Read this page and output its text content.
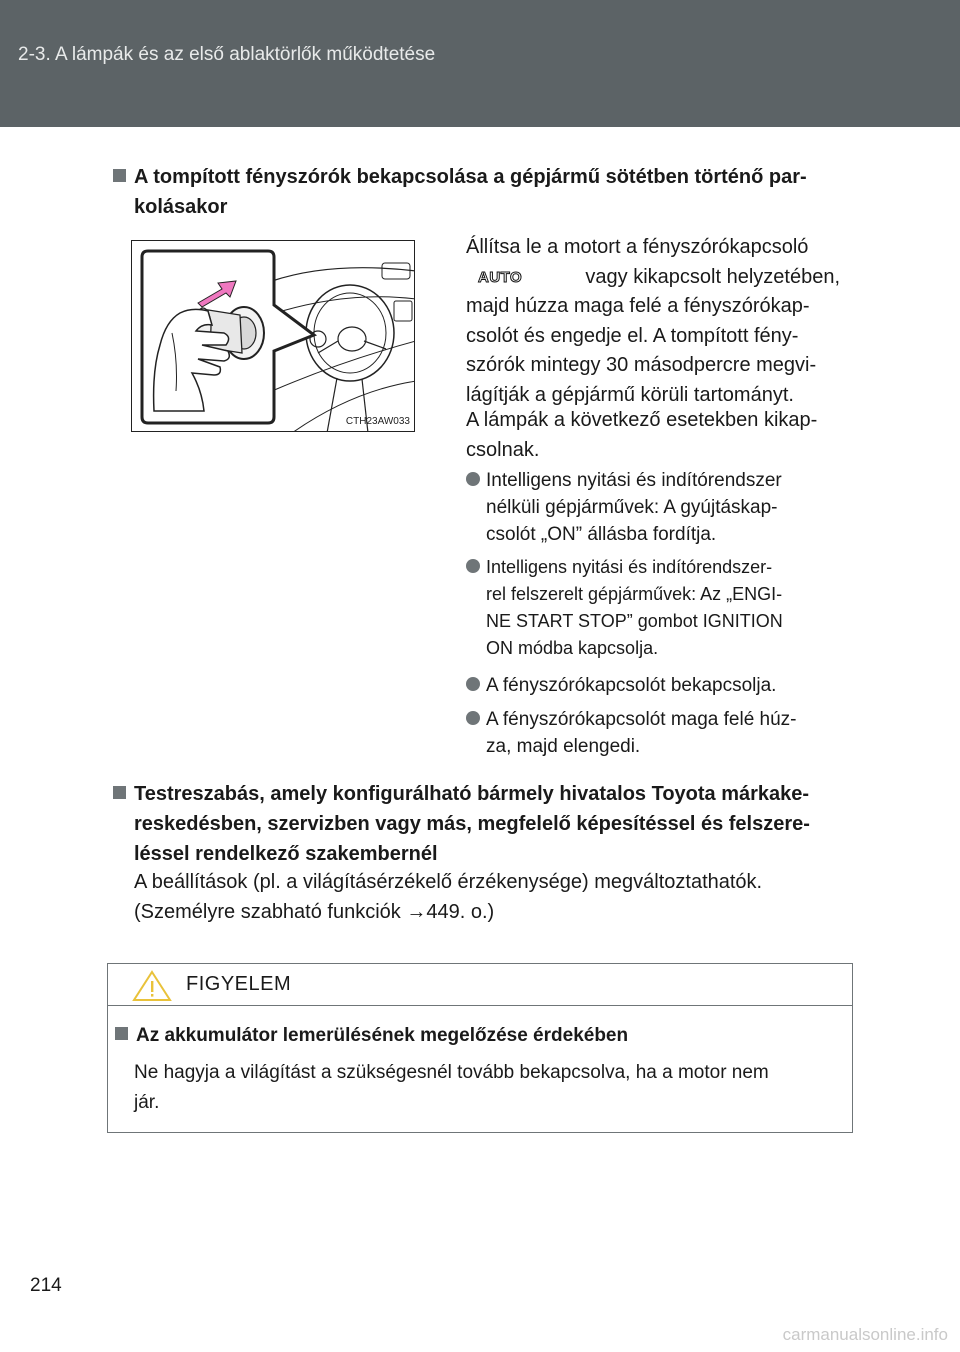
2-3. A lámpák és az első ablaktörlők működtetése
A tompított fényszórók bekapcsolása a gépjármű sötétben történő par-
kolásakor
CTH23AW033
Állítsa le a motort a fényszórókapcsoló
AUTO	vagy kikapcsolt helyzetében,
majd húzza maga felé a fényszórókap-
csolót és engedje el. A tompított fény-
szórók mintegy 30 másodpercre megvi-
lágítják a gépjármű körüli tartományt.
A lámpák a következő esetekben kikap-
csolnak.
Intelligens nyitási és indítórendszer
nélküli gépjárművek: A gyújtáskap-
csolót „ON” állásba fordítja.
Intelligens nyitási és indítórendszer-
rel felszerelt gépjárművek: Az „ENGI-
NE START STOP” gombot IGNITION
ON módba kapcsolja.
A fényszórókapcsolót bekapcsolja.
A fényszórókapcsolót maga felé húz-
za, majd elengedi.
Testreszabás, amely konfigurálható bármely hivatalos Toyota márkake-
reskedésben, szervizben vagy más, megfelelő képesítéssel és felszere-
léssel rendelkező szakembernél
A beállítások (pl. a világításérzékelő érzékenysége) megváltoztathatók.
(Személyre szabható funkciók →449. o.)
FIGYELEM
Az akkumulátor lemerülésének megelőzése érdekében
Ne hagyja a világítást a szükségesnél tovább bekapcsolva, ha a motor nem
jár.
214
carmanualsonline.info
